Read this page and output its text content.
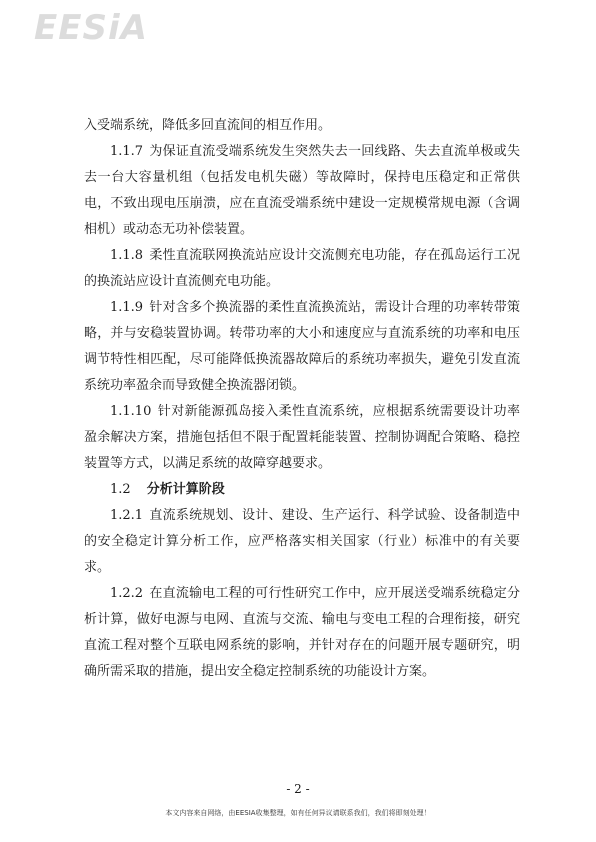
EESiA

入受端系统，降低多回直流间的相互作用。

1.1.7 为保证直流受端系统发生突然失去一回线路、失去直流单极或失去一台大容量机组（包括发电机失磁）等故障时，保持电压稳定和正常供电，不致出现电压崩溃，应在直流受端系统中建设一定规模常规电源（含调相机）或动态无功补偿装置。

1.1.8 柔性直流联网换流站应设计交流侧充电功能，存在孤岛运行工况的换流站应设计直流侧充电功能。

1.1.9 针对含多个换流器的柔性直流换流站，需设计合理的功率转带策略，并与安稳装置协调。转带功率的大小和速度应与直流系统的功率和电压调节特性相匹配，尽可能降低换流器故障后的系统功率损失，避免引发直流系统功率盈余而导致健全换流器闭锁。

1.1.10 针对新能源孤岛接入柔性直流系统，应根据系统需要设计功率盈余解决方案，措施包括但不限于配置耗能装置、控制协调配合策略、稳控装置等方式，以满足系统的故障穿越要求。

1.2 分析计算阶段

1.2.1 直流系统规划、设计、建设、生产运行、科学试验、设备制造中的安全稳定计算分析工作，应严格落实相关国家（行业）标准中的有关要求。

1.2.2 在直流输电工程的可行性研究工作中，应开展送受端系统稳定分析计算，做好电源与电网、直流与交流、输电与变电工程的合理衔接，研究直流工程对整个互联电网系统的影响，并针对存在的问题开展专题研究，明确所需采取的措施，提出安全稳定控制系统的功能设计方案。

- 2 -
本文内容来自网络，由EESIA收集整理，如有任何异议请联系我们，我们将即刻处理！
